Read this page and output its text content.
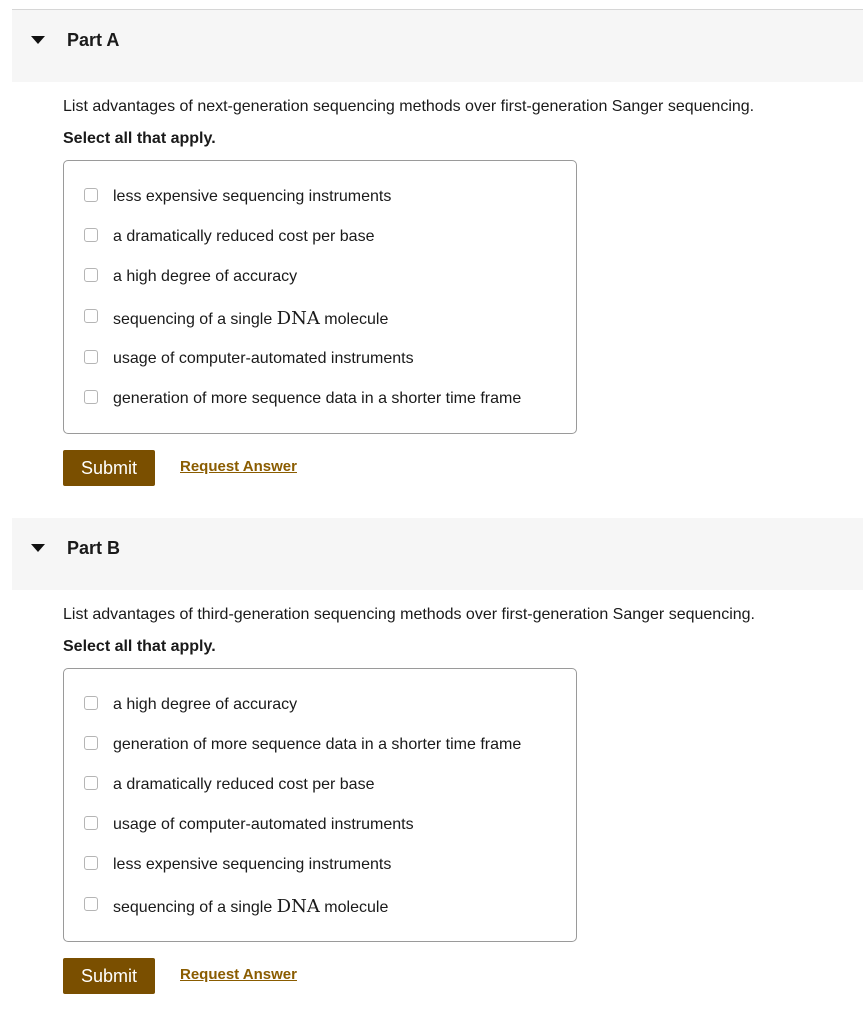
Part A
List advantages of next-generation sequencing methods over first-generation Sanger sequencing.
Select all that apply.
less expensive sequencing instruments
a dramatically reduced cost per base
a high degree of accuracy
sequencing of a single DNA molecule
usage of computer-automated instruments
generation of more sequence data in a shorter time frame
Submit	Request Answer
Part B
List advantages of third-generation sequencing methods over first-generation Sanger sequencing.
Select all that apply.
a high degree of accuracy
generation of more sequence data in a shorter time frame
a dramatically reduced cost per base
usage of computer-automated instruments
less expensive sequencing instruments
sequencing of a single DNA molecule
Submit	Request Answer
